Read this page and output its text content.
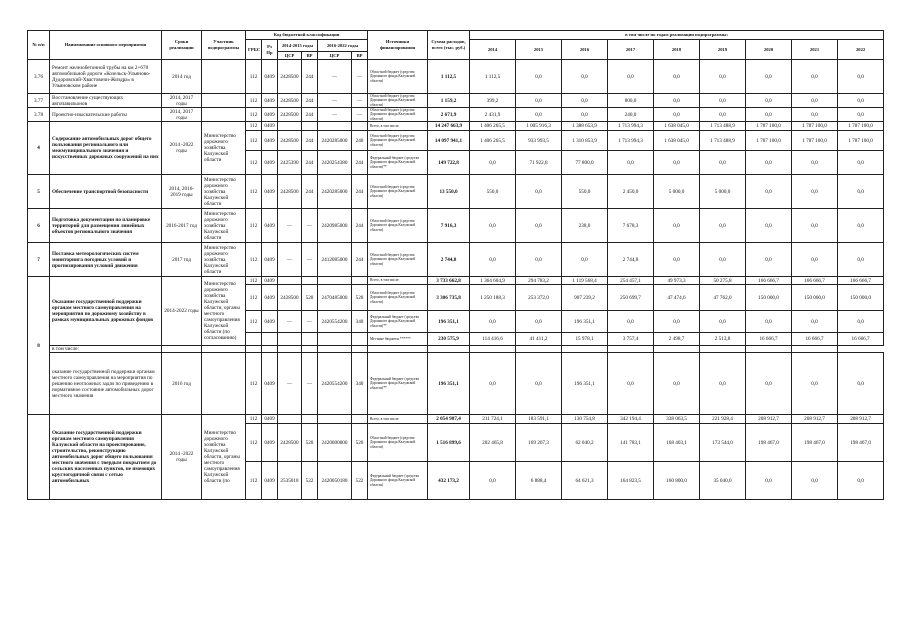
№ п/п	Наименование основного мероприятия	Сроки реализации	Участник подпрограммы	Код бюджетной классификации						Источники финансирования	Сумма расходов, всего (тыс. руб.)	в том числе по годам реализации подпрограммы:								
				ГРБС	Рз Пр	2014-2015 годы		2016-2022 годы				2014	2015	2016	2017	2018	2019	2020	2021	2022
						ЦСР	ВР	ЦСР	ВР											
3.76	Ремонт железобетонной трубы на км 2+670 автомобильной дороги «Козельск-Ульяново-Дудоровский-Хвастовичи-Жиздра» в Ульяновском районе	2014 год		112	0409	2428500	244	—	—	Областной бюджет (средства Дорожного фонда Калужской области)	1 112,5	1 112,5	0,0	0,0	0,0	0,0	0,0	0,0	0,0	0,0
3.77	Восстановление существующих автопавильонов	2014, 2017 годы		112	0409	2428500	244	—	—	Областной бюджет (средства Дорожного фонда Калужской области)	1 159,2	399,2	0,0	0,0	800,0	0,0	0,0	0,0	0,0	0,0
3.78	Проектно-изыскательские работы	2014, 2017 годы		112	0409	2428500	244	—	—	Областной бюджет (средства Дорожного фонда Калужской области)	2 671,9	2 431,9	0,0	0,0	240,0	0,0	0,0	0,0	0,0	0,0
4	Содержание автомобильных дорог общего пользования регионального или межмуниципального значения и искусственных дорожных сооружений на них	2014 -2022 годы	Министерство дорожного хозяйства Калужской области	112	0409					Всего, в том числе:	14 247 663,9	1 406 265,5	1 005 916,3	1 388 653,9	1 713 994,3	1 638 045,0	1 713 488,9	1 787 100,0	1 787 100,0	1 787 100,0
				112	0409	2428500	244	2420285000	240	Областной бюджет (средства Дорожного фонда Калужской области)	14 097 941,1	1 406 265,5	933 993,5	1 310 853,9	1 713 994,3	1 638 045,0	1 713 488,9	1 787 100,0	1 787 100,0	1 787 100,0
				112	0409	2425390	244	2420254380	244	Федеральный бюджет (средства Дорожного фонда Калужской области)**	149 722,8	0,0	71 922,8	77 800,0	0,0	0,0	0,0	0,0	0,0	0,0
5	Обеспечение транспортной безопасности	2014, 2016-2019 годы	Министерство дорожного хозяйства Калужской области	112	0409	2428500	244	2420285000	244	Областной бюджет (средства Дорожного фонда Калужской области)	13 550,0	550,0	0,0	550,0	2 450,0	5 000,0	5 000,0	0,0	0,0	0,0
6	Подготовка документации по планировке территорий для размещения линейных объектов регионального значения	2016-2017 год	Министерство дорожного хозяйства Калужской области	112	0409	—	—	2420985000	244	Областной бюджет (средства Дорожного фонда Калужской области)	7 916,3	0,0	0,0	238,0	7 678,3	0,0	0,0	0,0	0,0	0,0
7	Поставка метеорологических систем мониторинга погодных условий и прогнозирования условий движения	2017 год	Министерство дорожного хозяйства Калужской области	112	0409	—	—	2412085000	244	Областной бюджет (средства Дорожного фонда Калужской области)	2 744,8	0,0	0,0	0,0	2 744,8	0,0	0,0	0,0	0,0	0,0
8	Оказание государственной поддержки органам местного самоуправления на мероприятия по дорожному хозяйству в рамках муниципальных дорожных фондов	2014-2022 годы	Министерство дорожного хозяйства Калужской области, органы местного самоуправления Калужской области (по согласованию)	112	0409					Всего, в том числе:	3 733 662,8	1 364 604,9	294 783,2	1 119 568,4	254 457,1	49 973,3	50 275,8	166 666,7	166 666,7	166 666,7
				112	0409	2428500	520	2470485000	520	Областной бюджет (средства Дорожного фонда Калужской области)	3 306 735,8	1 250 188,3	253 372,0	907 239,2	250 699,7	47 474,6	47 762,0	150 000,0	150 000,0	150 000,0
				112	0409	—	—	2420554200	340	Федеральный бюджет (средства Дорожного фонда Калужской области)**	196 351,1	0,0	0,0	196 351,1	0,0	0,0	0,0	0,0	0,0	0,0
										Местные бюджеты ******	230 575,9	114 416,6	41 411,2	15 978,1	3 757,4	2 498,7	2 513,8	16 666,7	16 666,7	16 666,7
	в том числе:																			
	оказание государственной поддержки органам местного самоуправления на мероприятия по решению неотложных задач по приведению в нормативное состояние автомобильных дорог местного значения	2016 год		112	0409	—	—	2420554200	340	Федеральный бюджет (средства Дорожного фонда Калужской области)**	196 351,1	0,0	0,0	196 351,1	0,0	0,0	0,0	0,0	0,0	0,0
	Оказание государственной поддержки органам местного самоуправления Калужской области на проектирование, строительство, реконструкцию автомобильных дорог общего пользования местного значения с твердым покрытием до сельских населенных пунктов, не имеющих круглогодичной связи с сетью автомобильных	2014 -2022 годы	Министерство дорожного хозяйства Калужской области, органы местного самоуправления Калужской области (по	112	0409					Всего, в том числе:	2 054 987,4	211 724,1	183 591,1	130 754,8	342 194,4	338 063,5	221 928,4	208 912,7	208 912,7	208 912,7
				112	0409	2428500	520	2420000000	520	Областной бюджет (средства Дорожного фонда Калужской области)	1 516 899,6	202 465,8	169 267,3	62 040,2	141 783,1	168 403,1	173 544,0	198 467,0	198 467,0	198 467,0
				112	0409	2535018	522	2420050180	522	Федеральный бюджет (средства Дорожного фонда Калужской области)	432 173,2	0,0	6 888,4	64 621,3	164 823,5	160 800,0	35 040,0	0,0	0,0	0,0
